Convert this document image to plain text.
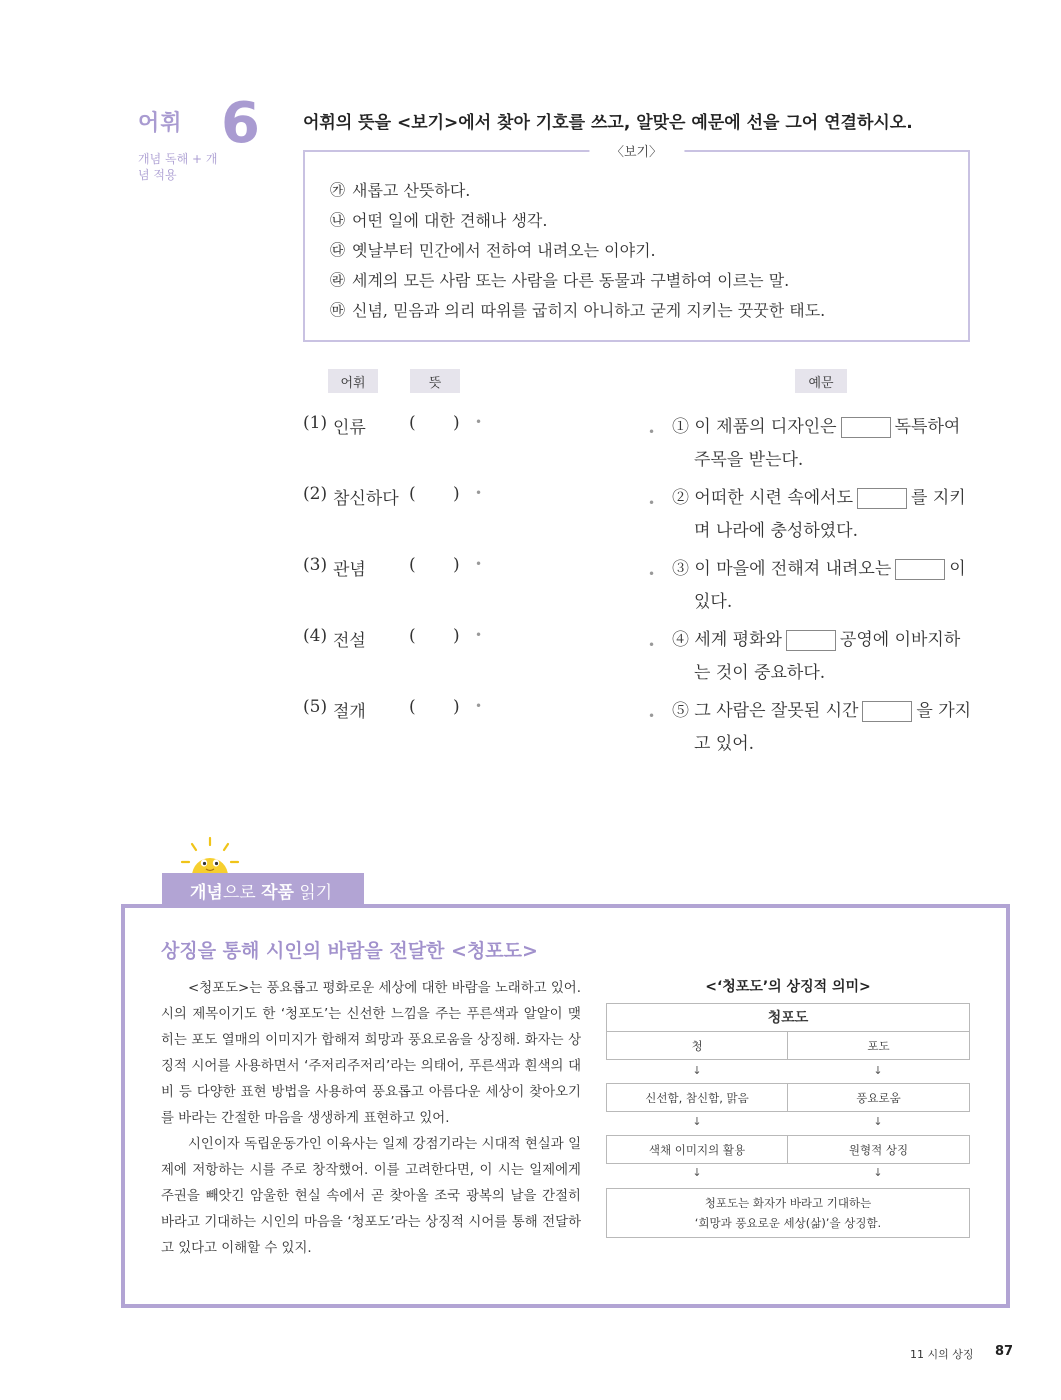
어휘
개념 독해 + 개념 적용
6	어휘의 뜻을 <보기>에서 찾아 기호를 쓰고, 알맞은 예문에 선을 그어 연결하시오.
〈보기〉
㉮ 새롭고 산뜻하다.
㉯ 어떤 일에 대한 견해나 생각.
㉰ 옛날부터 민간에서 전하여 내려오는 이야기.
㉱ 세계의 모든 사람 또는 사람을 다른 동물과 구별하여 이르는 말.
㉲ 신념, 믿음과 의리 따위를 굽히지 아니하고 굳게 지키는 꿋꿋한 태도.
어휘	뜻	예문
(1) 인류	( ) •
(2) 참신하다 ( ) •
(3) 관념	( ) •
(4) 전설	( ) •
(5) 절개	( ) •
• ① 이 제품의 디자인은	독특하여
주목을 받는다.
• ② 어떠한 시련 속에서도	를 지키
며 나라에 충성하였다.
• ③ 이 마을에 전해져 내려오는	이
있다.
• ④ 세계 평화와	공영에 이바지하
는 것이 중요하다.
• ⑤ 그 사람은 잘못된 시간	을 가지
고 있어.
개념 으로 작품 읽기
상징을 통해 시인의 바람을 전달한 <청포도>

<청포도>는 풍요롭고 평화로운 세상에 대한 바람을 노래하고 있어. 시의 제목이기도 한 ‘청포도’는 신선한 느낌을 주는 푸른색과 알알이 맺히는 포도 열매의 이미지가 합해져 희망과 풍요로움을 상징해. 화자는 상징적 시어를 사용하면서 ‘주저리주저리’라는 의태어, 푸른색과 흰색의 대비 등 다양한 표현 방법을 사용하여 풍요롭고 아름다운 세상이 찾아오기를 바라는 간절한 마음을 생생하게 표현하고 있어.

시인이자 독립운동가인 이육사는 일제 강점기라는 시대적 현실과 일제에 저항하는 시를 주로 창작했어. 이를 고려한다면, 이 시는 일제에게 주권을 빼앗긴 암울한 현실 속에서 곧 찾아올 조국 광복의 날을 간절히 바라고 기대하는 시인의 마음을 ‘청포도’라는 상징적 시어를 통해 전달하고 있다고 이해할 수 있지.

<‘청포도’의 상징적 의미>
청포도
청	포도
↓	↓
신선함, 참신함, 맑음	풍요로움
↓	↓
색채 이미지의 활용	원형적 상징
↓	↓
청포도는 화자가 바라고 기대하는
‘희망과 풍요로운 세상(삶)’을 상징함.
11 시의 상징 87
